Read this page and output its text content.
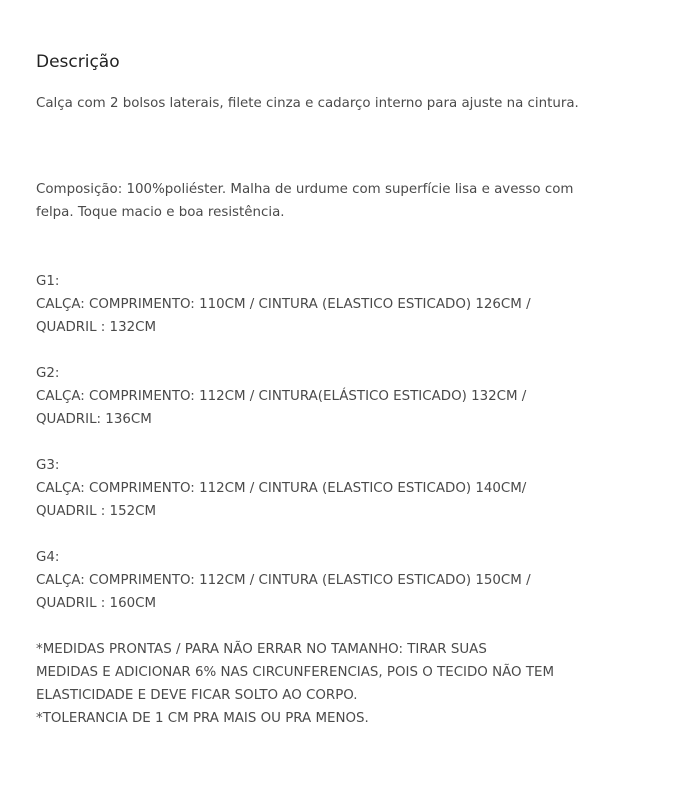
Descrição

Calça com 2 bolsos laterais, filete cinza e cadarço interno para ajuste na cintura.

Composição: 100%poliéster. Malha de urdume com superfície lisa e avesso com

felpa. Toque macio e boa resistência.

G1:

CALÇA: COMPRIMENTO: 110CM / CINTURA (ELASTICO ESTICADO) 126CM /

QUADRIL : 132CM

G2:

CALÇA: COMPRIMENTO: 112CM / CINTURA(ELÁSTICO ESTICADO) 132CM /

QUADRIL: 136CM

G3:

CALÇA: COMPRIMENTO: 112CM / CINTURA (ELASTICO ESTICADO) 140CM/

QUADRIL : 152CM

G4:

CALÇA: COMPRIMENTO: 112CM / CINTURA (ELASTICO ESTICADO) 150CM /

QUADRIL : 160CM

*MEDIDAS PRONTAS / PARA NÃO ERRAR NO TAMANHO: TIRAR SUAS

MEDIDAS E ADICIONAR 6% NAS CIRCUNFERENCIAS, POIS O TECIDO NÃO TEM

ELASTICIDADE E DEVE FICAR SOLTO AO CORPO.

*TOLERANCIA DE 1 CM PRA MAIS OU PRA MENOS.
